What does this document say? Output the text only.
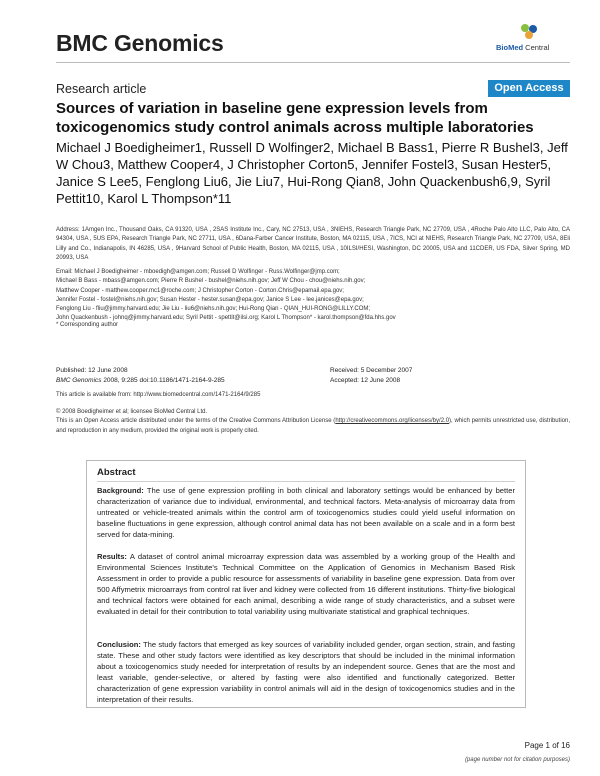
BMC Genomics	BioMed Central
Research article	Open Access
Sources of variation in baseline gene expression levels from toxicogenomics study control animals across multiple laboratories
Michael J Boedigheimer1 , Russell D Wolfinger2 , Michael B Bass1 , Pierre R Bushel3 , Jeff W Chou3 , Matthew Cooper4 , J Christopher Corton5 , Jennifer Fostel3 , Susan Hester5 , Janice S Lee5 , Fenglong Liu6 , Jie Liu7 , Hui-Rong Qian8 , John Quackenbush6,9 , Syril Pettit10 , Karol L Thompson*11

Address: 1Amgen Inc., Thousand Oaks, CA 91320, USA , 2SAS Institute Inc., Cary, NC 27513, USA , 3NIEHS, Research Triangle Park, NC 27709, USA , 4Roche Palo Alto LLC, Palo Alto, CA 94304, USA , 5US EPA, Research Triangle Park, NC 27711, USA , 6Dana-Farber Cancer Institute, Boston, MA 02115, USA , 7ICS, NCI at NIEHS, Research Triangle Park, NC 27709, USA, 8Eli Lilly and Co., Indianapolis, IN 46285, USA , 9Harvard School of Public Health, Boston, MA 02115, USA , 10ILSI/HESI, Washington, DC 20005, USA and 11CDER, US FDA, Silver Spring, MD 20993, USA

Email: Michael J Boedigheimer - mboedigh@amgen.com; Russell D Wolfinger - Russ.Wolfinger@jmp.com;
Michael B Bass - mbass@amgen.com; Pierre R Bushel - bushel@niehs.nih.gov; Jeff W Chou - chou@niehs.nih.gov;
Matthew Cooper - matthew.cooper.mc1@roche.com; J Christopher Corton - Corton.Chris@epamail.epa.gov;
Jennifer Fostel - fostel@niehs.nih.gov; Susan Hester - hester.susan@epa.gov; Janice S Lee - lee.janices@epa.gov;
Fenglong Liu - fliu@jimmy.harvard.edu; Jie Liu - liu6@niehs.nih.gov; Hui-Rong Qian - QIAN_HUI-RONG@LILLY.COM;
John Quackenbush - johnq@jimmy.harvard.edu; Syril Pettit - spettit@ilsi.org; Karol L Thompson* - karol.thompson@fda.hhs.gov
* Corresponding author
Published: 12 June 2008
BMC Genomics 2008, 9:285 doi:10.1186/1471-2164-9-285
Received: 5 December 2007
Accepted: 12 June 2008
This article is available from: http://www.biomedcentral.com/1471-2164/9/285
© 2008 Boedigheimer et al; licensee BioMed Central Ltd.
This is an Open Access article distributed under the terms of the Creative Commons Attribution License (http://creativecommons.org/licenses/by/2.0), which permits unrestricted use, distribution, and reproduction in any medium, provided the original work is properly cited.
Abstract

Background: The use of gene expression profiling in both clinical and laboratory settings would be enhanced by better characterization of variance due to individual, environmental, and technical factors. Meta-analysis of microarray data from untreated or vehicle-treated animals within the control arm of toxicogenomics studies could yield useful information on baseline fluctuations in gene expression, although control animal data has not been available on a scale and in a form best served for data-mining.

Results: A dataset of control animal microarray expression data was assembled by a working group of the Health and Environmental Sciences Institute's Technical Committee on the Application of Genomics in Mechanism Based Risk Assessment in order to provide a public resource for assessments of variability in baseline gene expression. Data from over 500 Affymetrix microarrays from control rat liver and kidney were collected from 16 different institutions. Thirty-five biological and technical factors were obtained for each animal, describing a wide range of study characteristics, and a subset were evaluated in detail for their contribution to total variability using multivariate statistical and graphical techniques.

Conclusion: The study factors that emerged as key sources of variability included gender, organ section, strain, and fasting state. These and other study factors were identified as key descriptors that should be included in the minimal information about a toxicogenomics study needed for interpretation of results by an independent source. Genes that are the most and least variable, gender-selective, or altered by fasting were also identified and functionally categorized. Better characterization of gene expression variability in control animals will aid in the design of toxicogenomics studies and in the interpretation of their results.

Page 1 of 16
(page number not for citation purposes)
